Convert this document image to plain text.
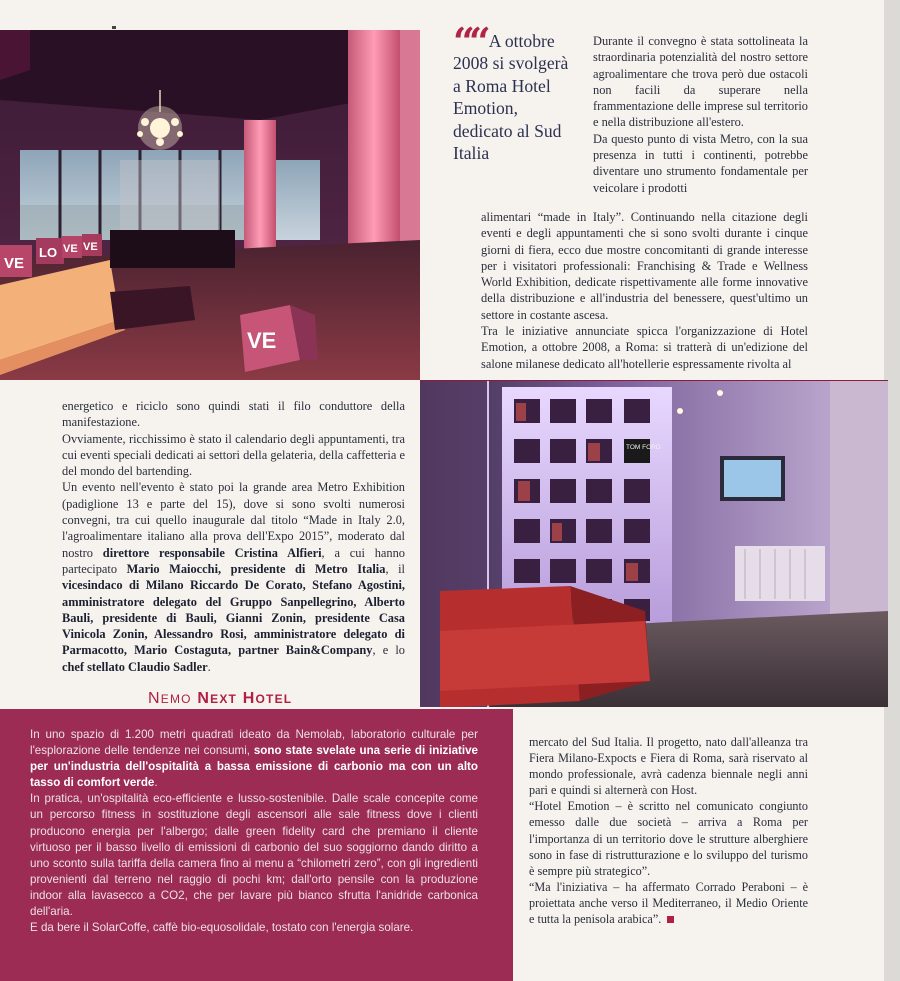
VE
LO VE VE
VE
““ A ottobre 2008 si svolgerà a Roma Hotel Emotion, dedicato al Sud Italia

Durante il convegno è stata sottolineata la straordinaria potenzialità del nostro settore agroalimentare che trova però due ostacoli non facili da superare nella frammentazione delle imprese sul territorio e nella distribuzione all'estero.

Da questo punto di vista Metro, con la sua presenza in tutti i continenti, potrebbe diventare uno strumento fondamentale per veicolare i prodotti

alimentari “made in Italy”. Continuando nella citazione degli eventi e degli appuntamenti che si sono svolti durante i cinque giorni di fiera, ecco due mostre concomitanti di grande interesse per i visitatori professionali: Franchising & Trade e Wellness World Exhibition, dedicate rispettivamente alle forme innovative della distribuzione e all'industria del benessere, quest'ultimo un settore in costante ascesa.

Tra le iniziative annunciate spicca l'organizzazione di Hotel Emotion, a ottobre 2008, a Roma: si tratterà di un'edizione del salone milanese dedicato all'hotellerie espressamente rivolta al

TOM FORD

energetico e riciclo sono quindi stati il filo conduttore della manifestazione.

Ovviamente, ricchissimo è stato il calendario degli appuntamenti, tra cui eventi speciali dedicati ai settori della gelateria, della caffetteria e del mondo del bartending.

Un evento nell'evento è stato poi la grande area Metro Exhibition (padiglione 13 e parte del 15), dove si sono svolti numerosi convegni, tra cui quello inaugurale dal titolo “Made in Italy 2.0, l'agroalimentare italiano alla prova dell'Expo 2015”, moderato dal nostro direttore responsabile Cristina Alfieri, a cui hanno partecipato Mario Maiocchi, presidente di Metro Italia, il vicesindaco di Milano Riccardo De Corato, Stefano Agostini, amministratore delegato del Gruppo Sanpellegrino, Alberto Bauli, presidente di Bauli, Gianni Zonin, presidente Casa Vinicola Zonin, Alessandro Rosi, amministratore delegato di Parmacotto, Mario Costaguta, partner Bain&Company, e lo chef stellato Claudio Sadler.

NEMO NEXT HOTEL

In uno spazio di 1.200 metri quadrati ideato da Nemolab, laboratorio culturale per l'esplorazione delle tendenze nei consumi, sono state svelate una serie di iniziative per un'industria dell'ospitalità a bassa emissione di carbonio ma con un alto tasso di comfort verde.

In pratica, un'ospitalità eco-efficiente e lusso-sostenibile. Dalle scale concepite come un percorso fitness in sostituzione degli ascensori alle sale fitness dove i clienti producono energia per l'albergo; dalle green fidelity card che premiano il cliente virtuoso per il basso livello di emissioni di carbonio del suo soggiorno dando diritto a uno sconto sulla tariffa della camera fino ai menu a “chilometri zero”, con gli ingredienti provenienti dal terreno nel raggio di pochi km; dall'orto pensile con la produzione indoor alla lavasecco a CO2, che per lavare più bianco sfrutta l'anidride carbonica dell'aria.

E da bere il SolarCoffe, caffè bio-equosolidale, tostato con l'energia solare.

mercato del Sud Italia. Il progetto, nato dall'alleanza tra Fiera Milano-Expocts e Fiera di Roma, sarà riservato al mondo professionale, avrà cadenza biennale negli anni pari e quindi si alternerà con Host.

“Hotel Emotion – è scritto nel comunicato congiunto emesso dalle due società – arriva a Roma per l'importanza di un territorio dove le strutture alberghiere sono in fase di ristrutturazione e lo sviluppo del turismo è sempre più strategico”.

“Ma l'iniziativa – ha affermato Corrado Peraboni – è proiettata anche verso il Mediterraneo, il Medio Oriente e tutta la penisola arabica”.
